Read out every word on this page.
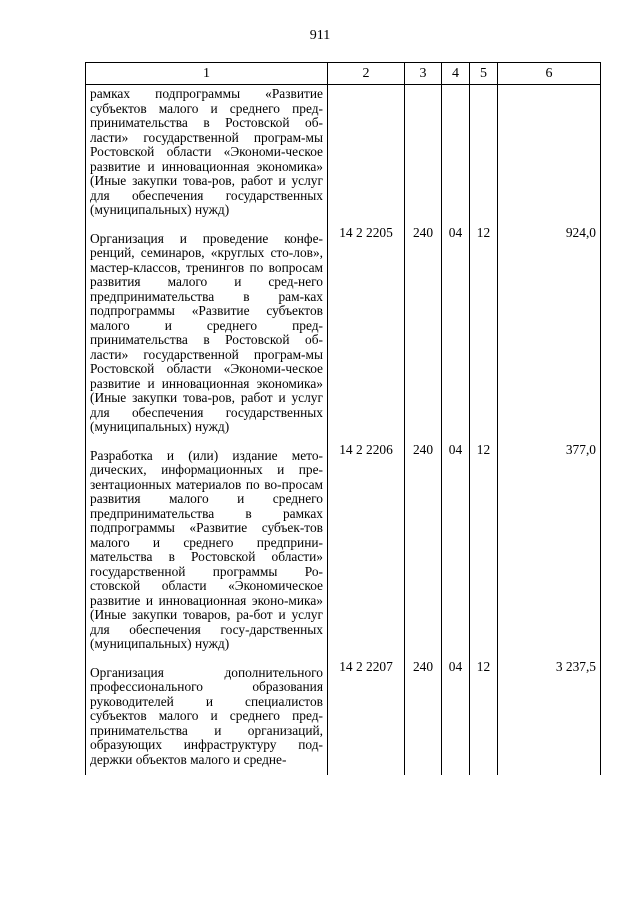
911
1	2	3	4	5	6
рамках подпрограммы «Развитие субъектов малого и среднего пред-принимательства в Ростовской об-ласти» государственной програм-мы Ростовской области «Экономи-ческое развитие и инновационная экономика» (Иные закупки това-ров, работ и услуг для обеспечения государственных (муниципальных) нужд)					
Организация и проведение конфе-ренций, семинаров, «круглых сто-лов», мастер-классов, тренингов по вопросам развития малого и сред-него предпринимательства в рам-ках подпрограммы «Развитие субъектов малого и среднего пред-принимательства в Ростовской об-ласти» государственной програм-мы Ростовской области «Экономи-ческое развитие и инновационная экономика» (Иные закупки това-ров, работ и услуг для обеспечения государственных (муниципальных) нужд)	14 2 2205	240	04	12	924,0
Разработка и (или) издание мето-дических, информационных и пре-зентационных материалов по во-просам развития малого и среднего предпринимательства в рамках подпрограммы «Развитие субъек-тов малого и среднего предприни-мательства в Ростовской области» государственной программы Ро-стовской области «Экономическое развитие и инновационная эконо-мика» (Иные закупки товаров, ра-бот и услуг для обеспечения госу-дарственных (муниципальных) нужд)	14 2 2206	240	04	12	377,0
Организация дополнительного профессионального образования руководителей и специалистов субъектов малого и среднего пред-принимательства и организаций, образующих инфраструктуру под-держки объектов малого и средне-	14 2 2207	240	04	12	3 237,5
